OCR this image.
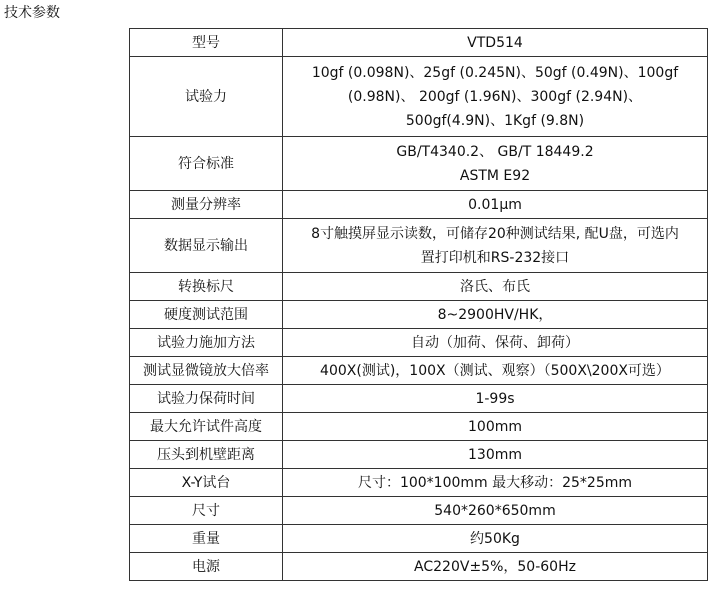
技术参数
型号	VTD514
试验力	10gf (0.098N)、25gf (0.245N)、50gf (0.49N)、100gf
(0.98N)、 200gf (1.96N)、300gf (2.94N)、
500gf(4.9N)、1Kgf (9.8N)
符合标准	GB/T4340.2、 GB/T 18449.2
ASTM E92
测量分辨率	0.01μm
数据显示输出	8寸触摸屏显示读数，可储存20种测试结果, 配U盘，可选内
置打印机和RS-232接口
转换标尺	洛氏、布氏
硬度测试范围	8~2900HV/HK，
试验力施加方法	自动（加荷、保荷、卸荷）
测试显微镜放大倍率	400X(测试)，100X（测试、观察）（500X\200X可选）
试验力保荷时间	1-99s
最大允许试件高度	100mm
压头到机壁距离	130mm
X-Y试台	尺寸：100*100mm 最大移动：25*25mm
尺寸	540*260*650mm
重量	约50Kg
电源	AC220V±5%，50-60Hz
